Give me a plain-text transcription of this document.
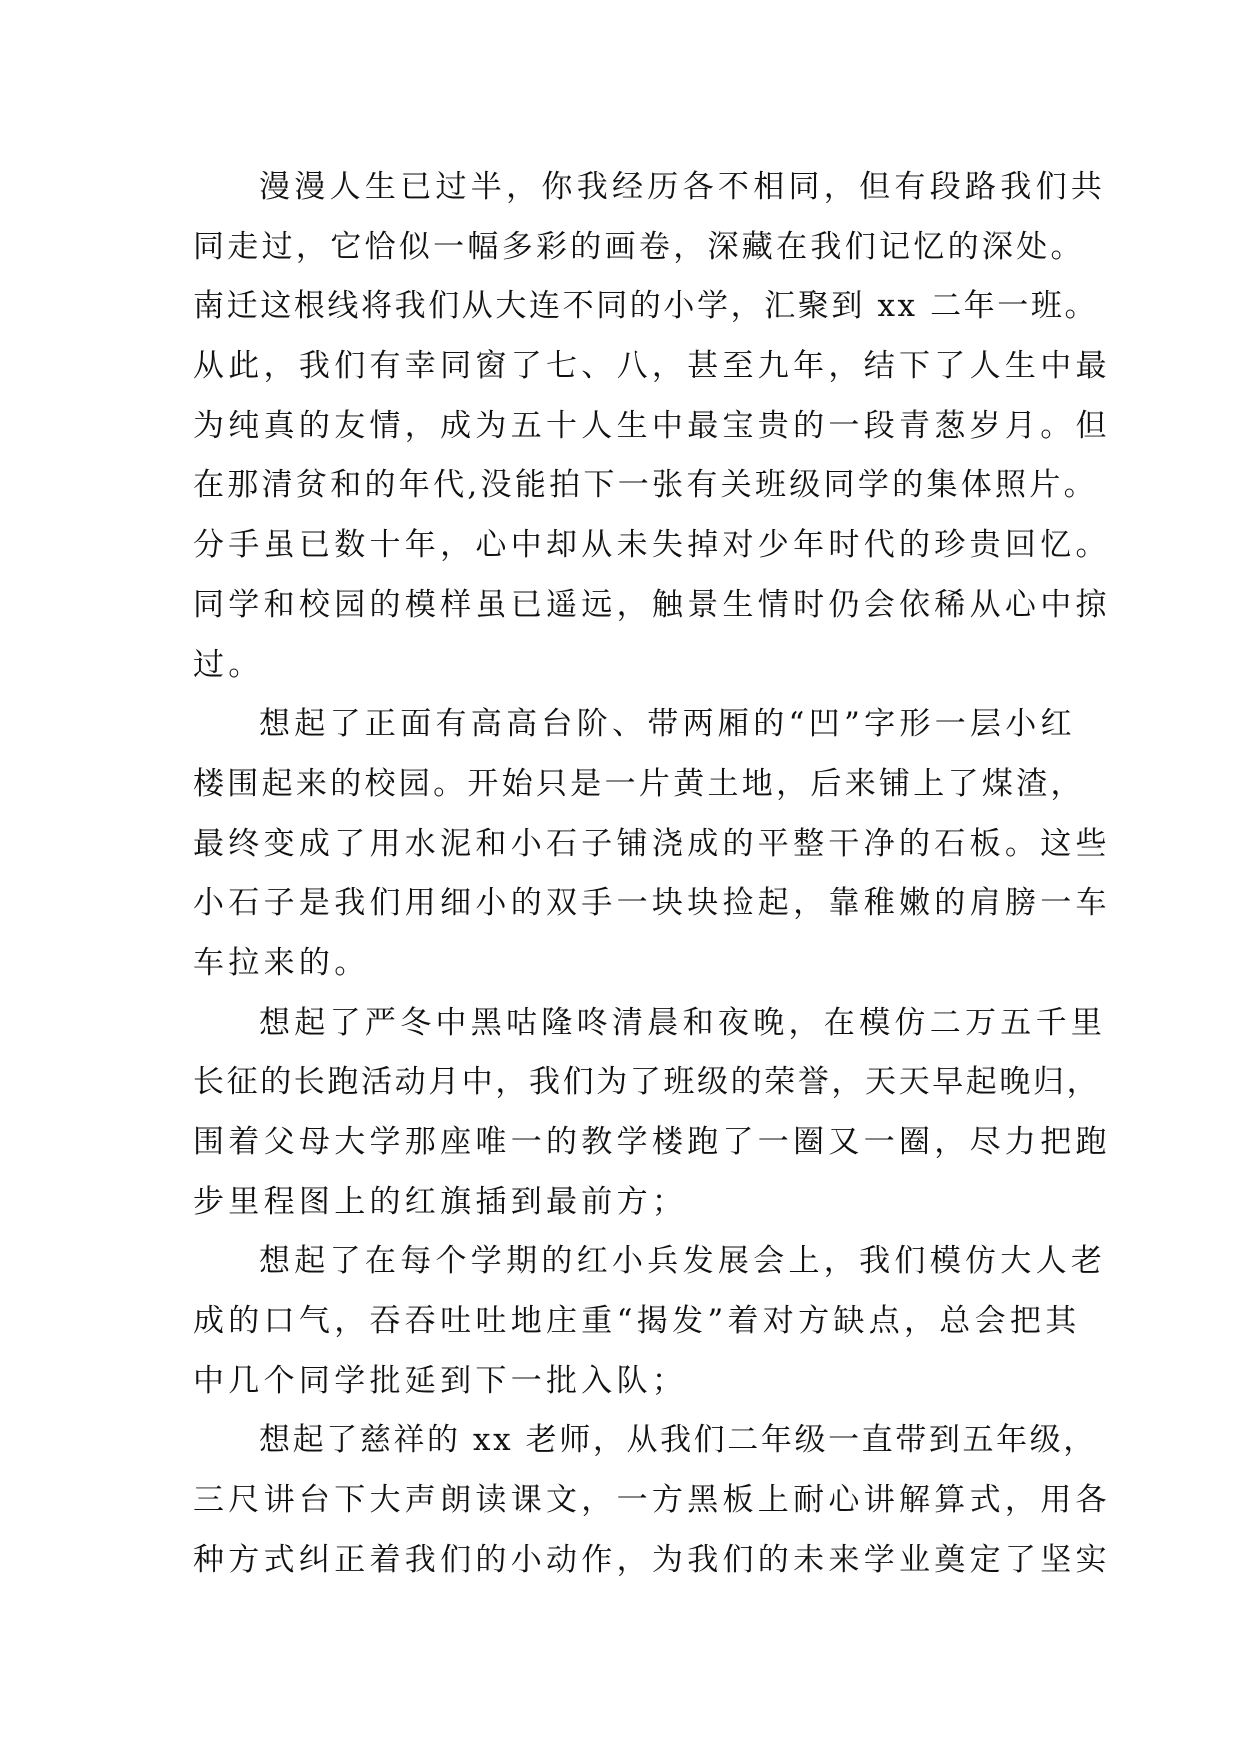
漫漫人生已过半，你我经历各不相同，但有段路我们共
同走过，它恰似一幅多彩的画卷，深藏在我们记忆的深处。
南迁这根线将我们从大连不同的小学，汇聚到 xx 二年一班。
从此，我们有幸同窗了七、八，甚至九年，结下了人生中最
为纯真的友情，成为五十人生中最宝贵的一段青葱岁月。但
在那清贫和的年代,没能拍下一张有关班级同学的集体照片。
分手虽已数十年，心中却从未失掉对少年时代的珍贵回忆。
同学和校园的模样虽已遥远，触景生情时仍会依稀从心中掠
过。
想起了正面有高高台阶、带两厢的“凹”字形一层小红
楼围起来的校园。开始只是一片黄土地，后来铺上了煤渣，
最终变成了用水泥和小石子铺浇成的平整干净的石板。这些
小石子是我们用细小的双手一块块捡起，靠稚嫩的肩膀一车
车拉来的。
想起了严冬中黑咕隆咚清晨和夜晚，在模仿二万五千里
长征的长跑活动月中，我们为了班级的荣誉，天天早起晚归，
围着父母大学那座唯一的教学楼跑了一圈又一圈，尽力把跑
步里程图上的红旗插到最前方；
想起了在每个学期的红小兵发展会上，我们模仿大人老
成的口气，吞吞吐吐地庄重“揭发”着对方缺点，总会把其
中几个同学批延到下一批入队；
想起了慈祥的 xx 老师，从我们二年级一直带到五年级，
三尺讲台下大声朗读课文，一方黑板上耐心讲解算式，用各
种方式纠正着我们的小动作，为我们的未来学业奠定了坚实
